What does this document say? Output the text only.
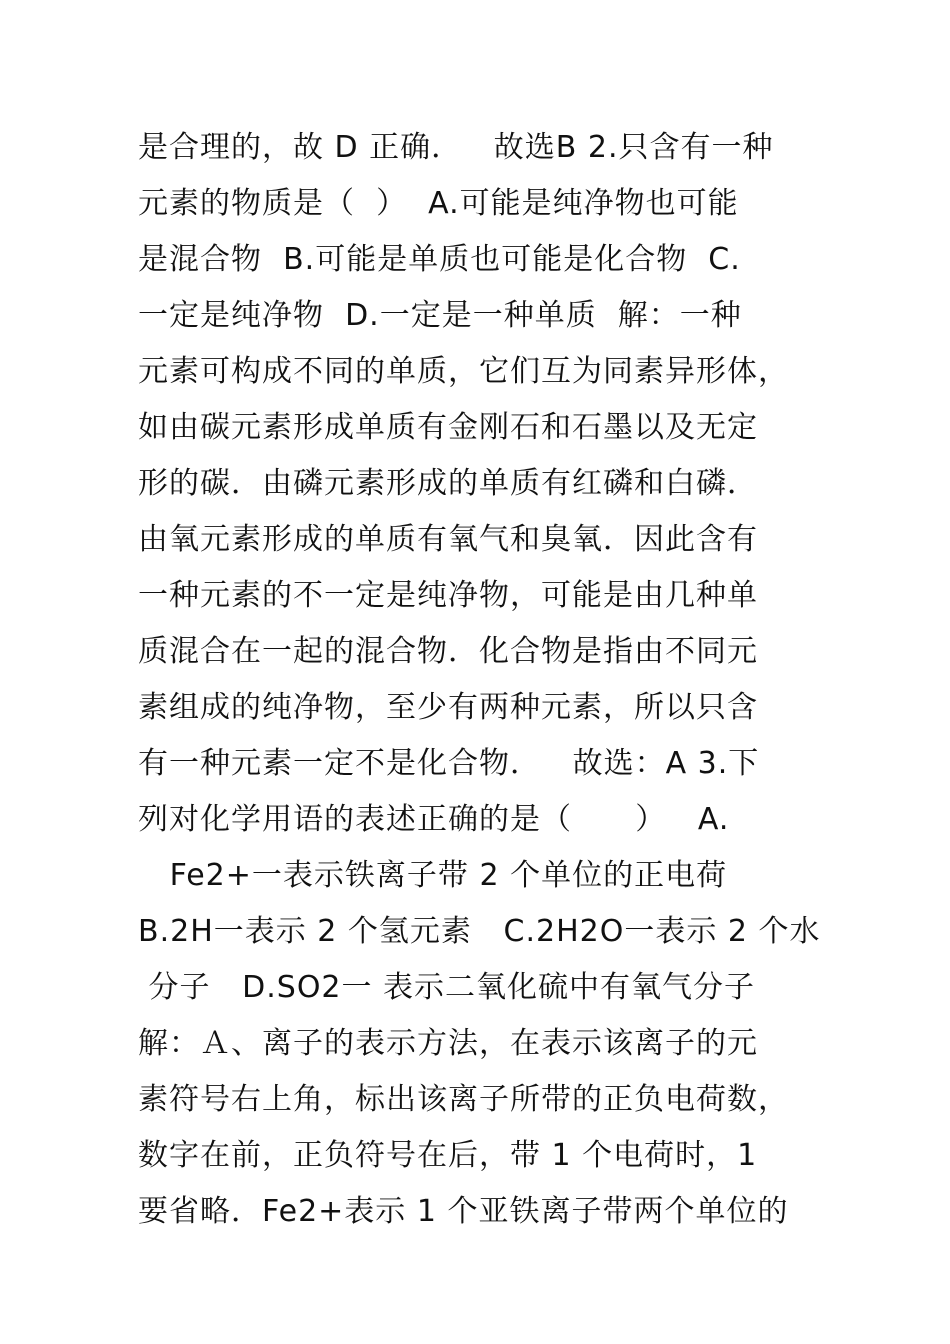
是合理的，故 D 正确．   故选B 2.只含有一种
元素的物质是（  ）  A.可能是纯净物也可能
是混合物  B.可能是单质也可能是化合物  C.
一定是纯净物  D.一定是一种单质  解：一种
元素可构成不同的单质，它们互为同素异形体，
如由碳元素形成单质有金刚石和石墨以及无定
形的碳．由磷元素形成的单质有红磷和白磷．
由氧元素形成的单质有氧气和臭氧．因此含有
一种元素的不一定是纯净物，可能是由几种单
质混合在一起的混合物．化合物是指由不同元
素组成的纯净物，至少有两种元素，所以只含
有一种元素一定不是化合物．   故选：A 3.下
列对化学用语的表述正确的是（      ）   A.
Fe2+一表示铁离子带 2 个单位的正电荷
B.2H一表示 2 个氢元素   C.2H2O一表示 2 个水
分子   D.SO2一 表示二氧化硫中有氧气分子
解：Ａ、离子的表示方法，在表示该离子的元
素符号右上角，标出该离子所带的正负电荷数，
数字在前，正负符号在后，带 1 个电荷时，1
要省略．Fe2+表示 1 个亚铁离子带两个单位的
